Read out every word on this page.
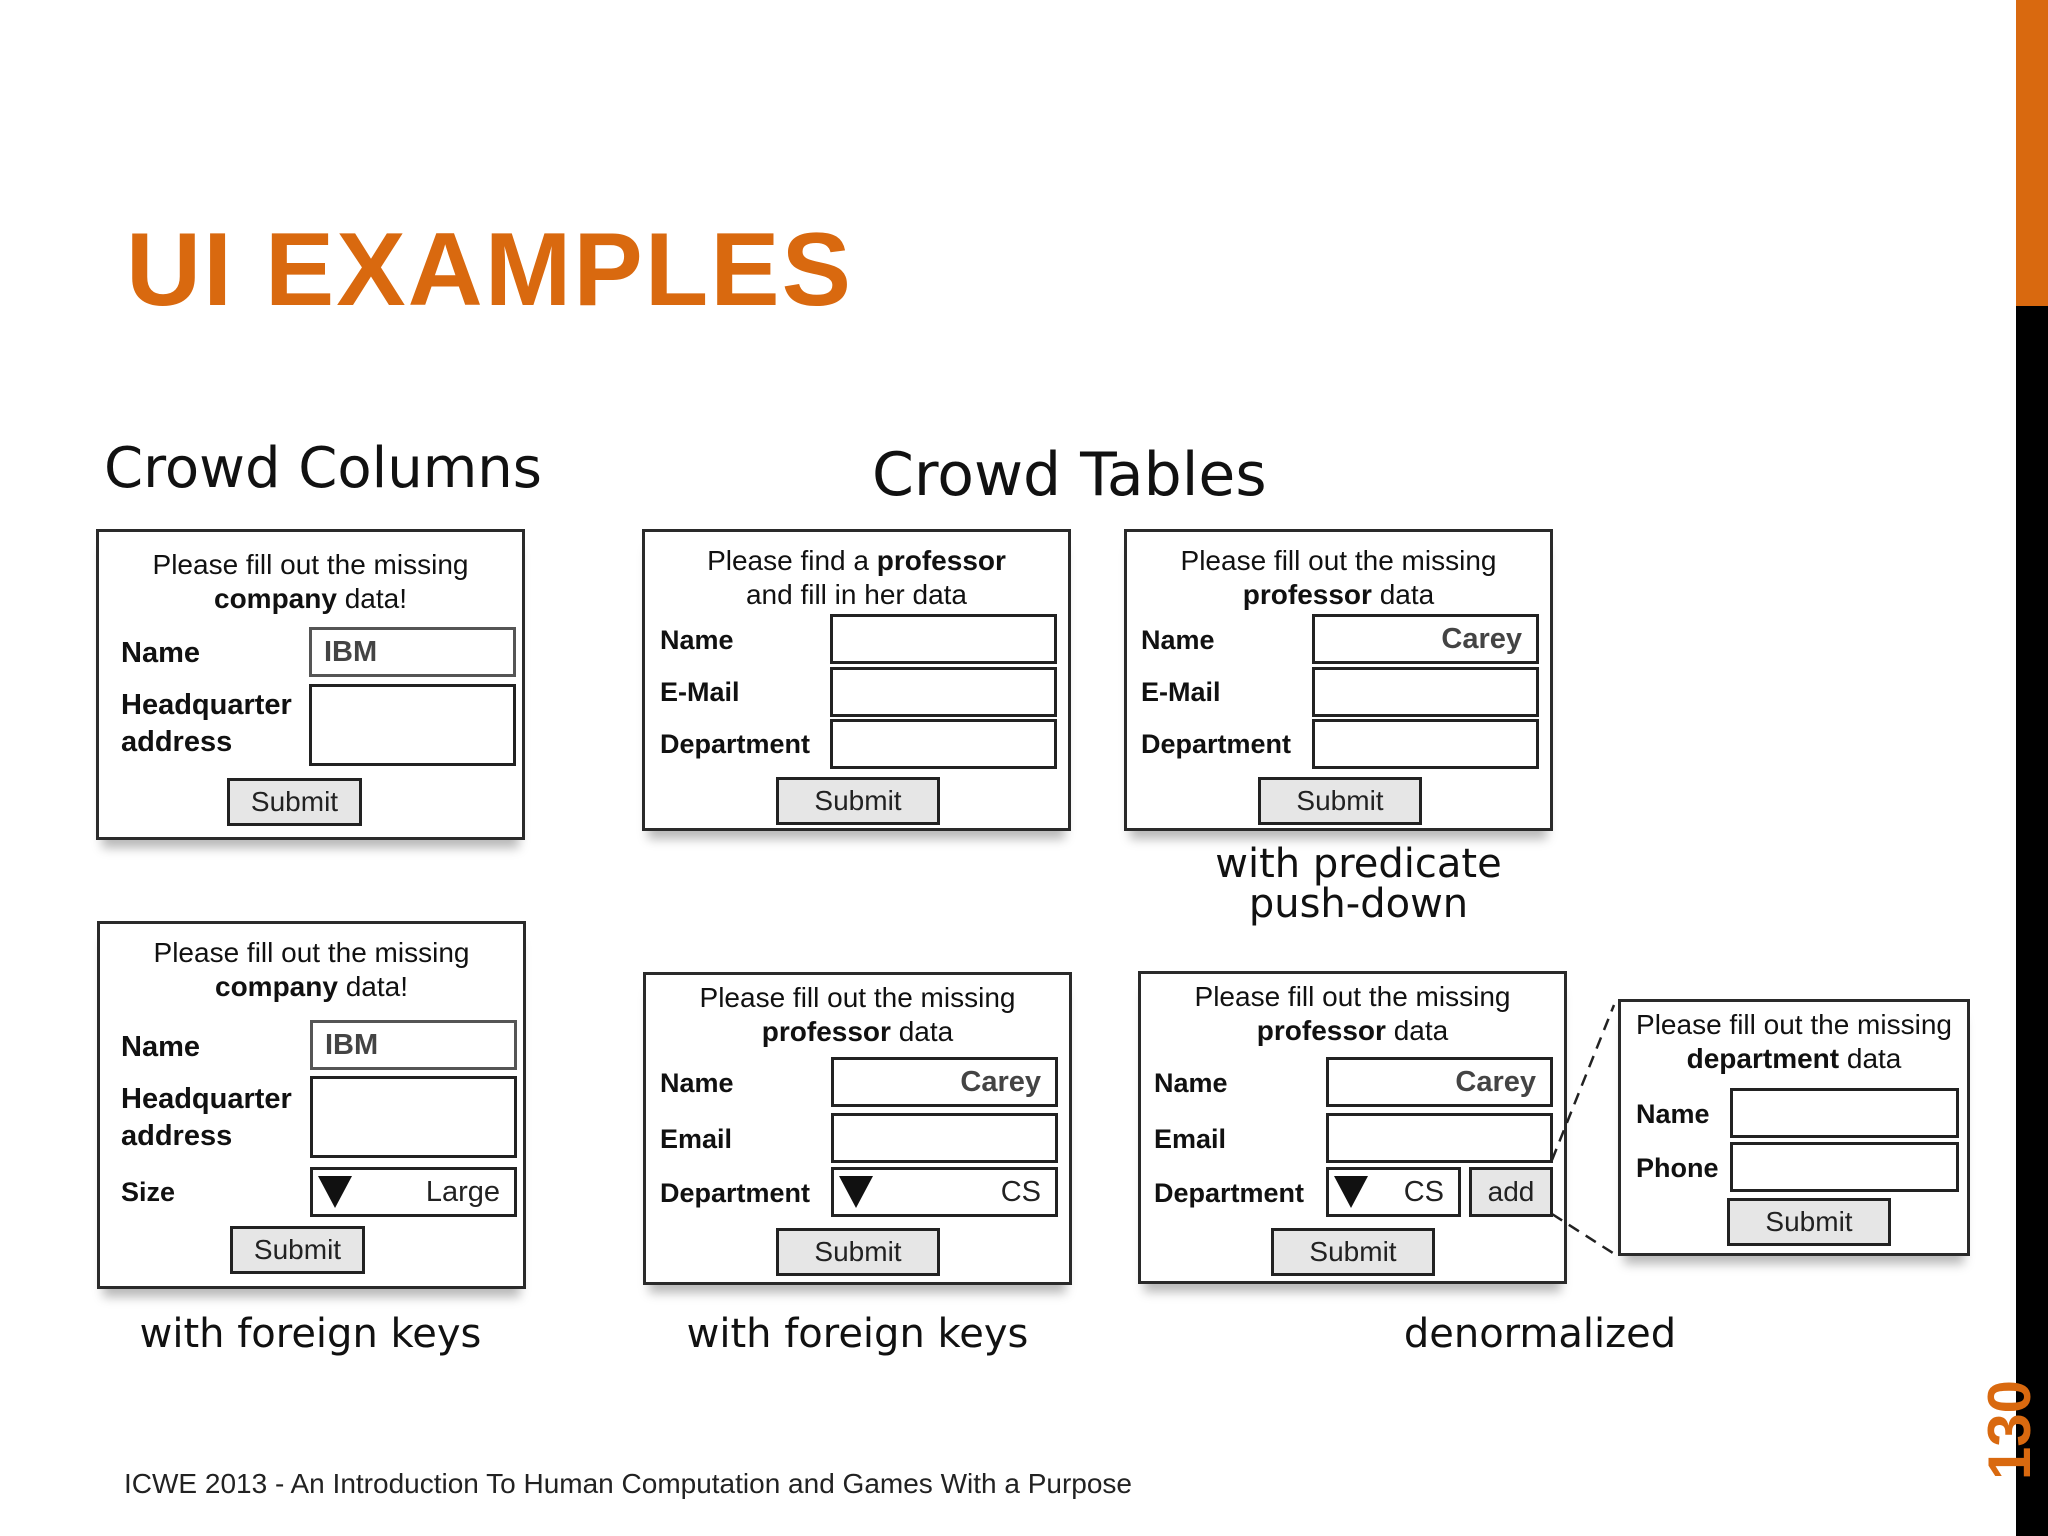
UI EXAMPLES
Crowd Columns	Crowd Tables
Please fill out the missing
company data!
Name	IBM
Headquarter
address
Submit
Please fill out the missing
company data!
Name	IBM
Headquarter
address
Size	Large
Submit
Please find a professor
and fill in her data
Name
E-Mail
Department
Submit
Please fill out the missing
professor data
Name	Carey
E-Mail
Department
Submit
with predicate
push-down
Please fill out the missing
professor data
Name	Carey
Email
Department	CS
Submit
Please fill out the missing
professor data
Name	Carey
Email
Department	CS	add
Submit
Please fill out the missing
department data
Name
Phone
Submit
with foreign keys	with foreign keys	denormalized
ICWE 2013 - An Introduction To Human Computation and Games With a Purpose
130
